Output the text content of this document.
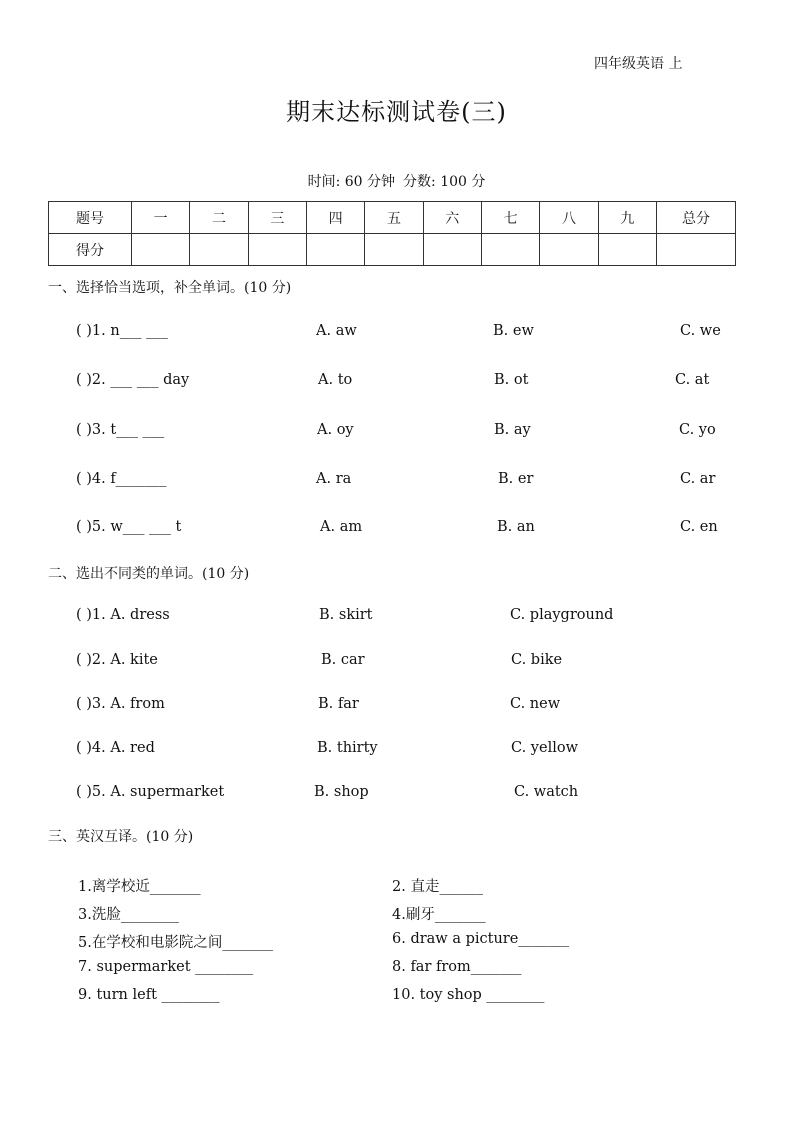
四年级英语 上
期末达标测试卷(三)
时间: 60 分钟 分数: 100 分
题号	一	二	三	四	五	六	七	八	九	总分
得分										
一、选择恰当选项，补全单词。(10 分)
( )1. n___ ___	A. aw	B. ew	C. we
( )2. ___ ___ day	A. to	B. ot	C. at
( )3. t___ ___	A. oy	B. ay	C. yo
( )4. f_______	A. ra	B. er	C. ar
( )5. w___ ___ t	A. am	B. an	C. en
二、选出不同类的单词。(10 分)
( )1. A. dress	B. skirt	C. playground
( )2. A. kite	B. car	C. bike
( )3. A. from	B. far	C. new
( )4. A. red	B. thirty	C. yellow
( )5. A. supermarket	B. shop	C. watch
三、英汉互译。(10 分)
1.离学校近_______	2. 直走______
3.洗脸________	4.刷牙_______
5.在学校和电影院之间_______	6. draw a picture_______
7. supermarket ________	8. far from_______
9. turn left ________	10. toy shop ________
